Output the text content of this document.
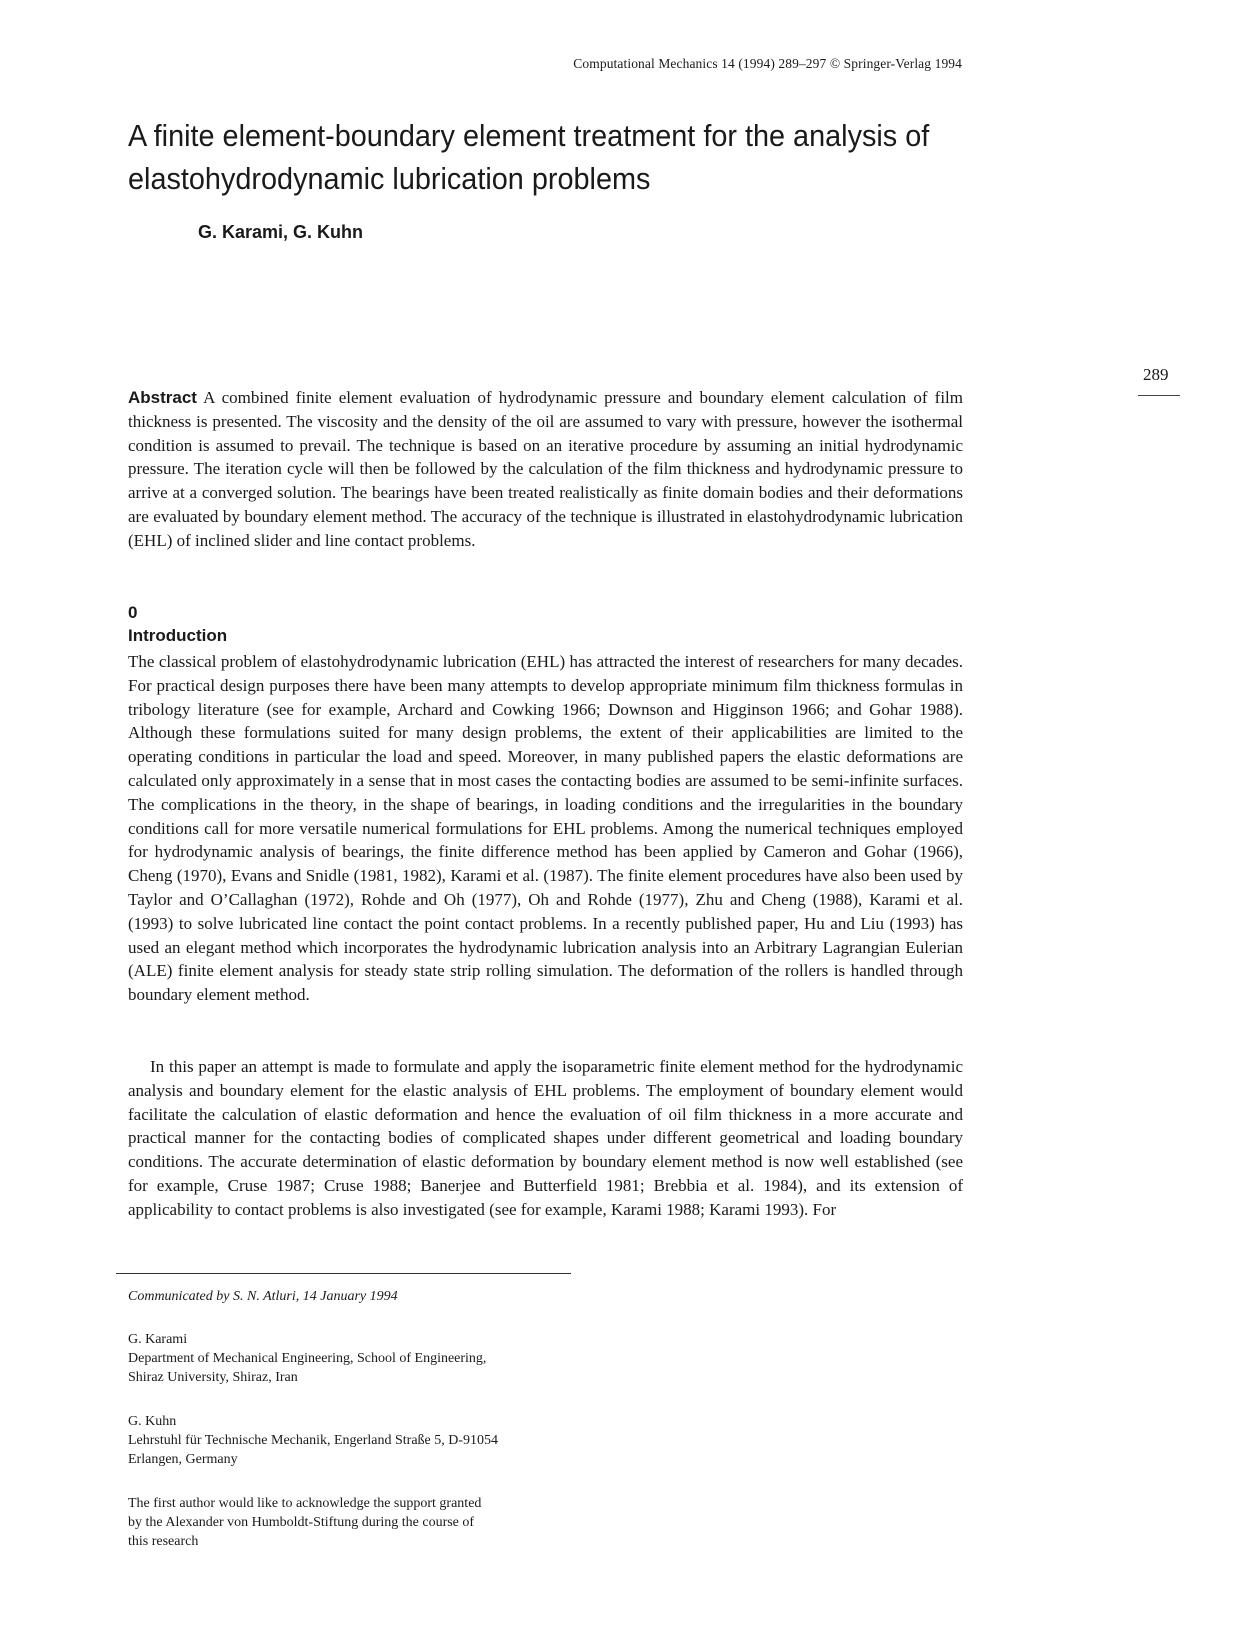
Computational Mechanics 14 (1994) 289–297 © Springer-Verlag 1994
A finite element-boundary element treatment for the analysis of elastohydrodynamic lubrication problems
G. Karami, G. Kuhn
289

Abstract A combined finite element evaluation of hydrodynamic pressure and boundary element calculation of film thickness is presented. The viscosity and the density of the oil are assumed to vary with pressure, however the isothermal condition is assumed to prevail. The technique is based on an iterative procedure by assuming an initial hydrodynamic pressure. The iteration cycle will then be followed by the calculation of the film thickness and hydrodynamic pressure to arrive at a converged solution. The bearings have been treated realistically as finite domain bodies and their deformations are evaluated by boundary element method. The accuracy of the technique is illustrated in elastohydrodynamic lubrication (EHL) of inclined slider and line contact problems.

0
Introduction

The classical problem of elastohydrodynamic lubrication (EHL) has attracted the interest of researchers for many decades. For practical design purposes there have been many attempts to develop appropriate minimum film thickness formulas in tribology literature (see for example, Archard and Cowking 1966; Downson and Higginson 1966; and Gohar 1988). Although these formulations suited for many design problems, the extent of their applicabilities are limited to the operating conditions in particular the load and speed. Moreover, in many published papers the elastic deformations are calculated only approximately in a sense that in most cases the contacting bodies are assumed to be semi-infinite surfaces. The complications in the theory, in the shape of bearings, in loading conditions and the irregularities in the boundary conditions call for more versatile numerical formulations for EHL problems. Among the numerical techniques employed for hydrodynamic analysis of bearings, the finite difference method has been applied by Cameron and Gohar (1966), Cheng (1970), Evans and Snidle (1981, 1982), Karami et al. (1987). The finite element procedures have also been used by Taylor and O’Callaghan (1972), Rohde and Oh (1977), Oh and Rohde (1977), Zhu and Cheng (1988), Karami et al. (1993) to solve lubricated line contact the point contact problems. In a recently published paper, Hu and Liu (1993) has used an elegant method which incorporates the hydrodynamic lubrication analysis into an Arbitrary Lagrangian Eulerian (ALE) finite element analysis for steady state strip rolling simulation. The deformation of the rollers is handled through boundary element method.

In this paper an attempt is made to formulate and apply the isoparametric finite element method for the hydrodynamic analysis and boundary element for the elastic analysis of EHL problems. The employment of boundary element would facilitate the calculation of elastic deformation and hence the evaluation of oil film thickness in a more accurate and practical manner for the contacting bodies of complicated shapes under different geometrical and loading boundary conditions. The accurate determination of elastic deformation by boundary element method is now well established (see for example, Cruse 1987; Cruse 1988; Banerjee and Butterfield 1981; Brebbia et al. 1984), and its extension of applicability to contact problems is also investigated (see for example, Karami 1988; Karami 1993). For

Communicated by S. N. Atluri, 14 January 1994
G. Karami
Department of Mechanical Engineering, School of Engineering,
Shiraz University, Shiraz, Iran
G. Kuhn
Lehrstuhl für Technische Mechanik, Engerland Straße 5, D-91054
Erlangen, Germany
The first author would like to acknowledge the support granted
by the Alexander von Humboldt-Stiftung during the course of
this research
